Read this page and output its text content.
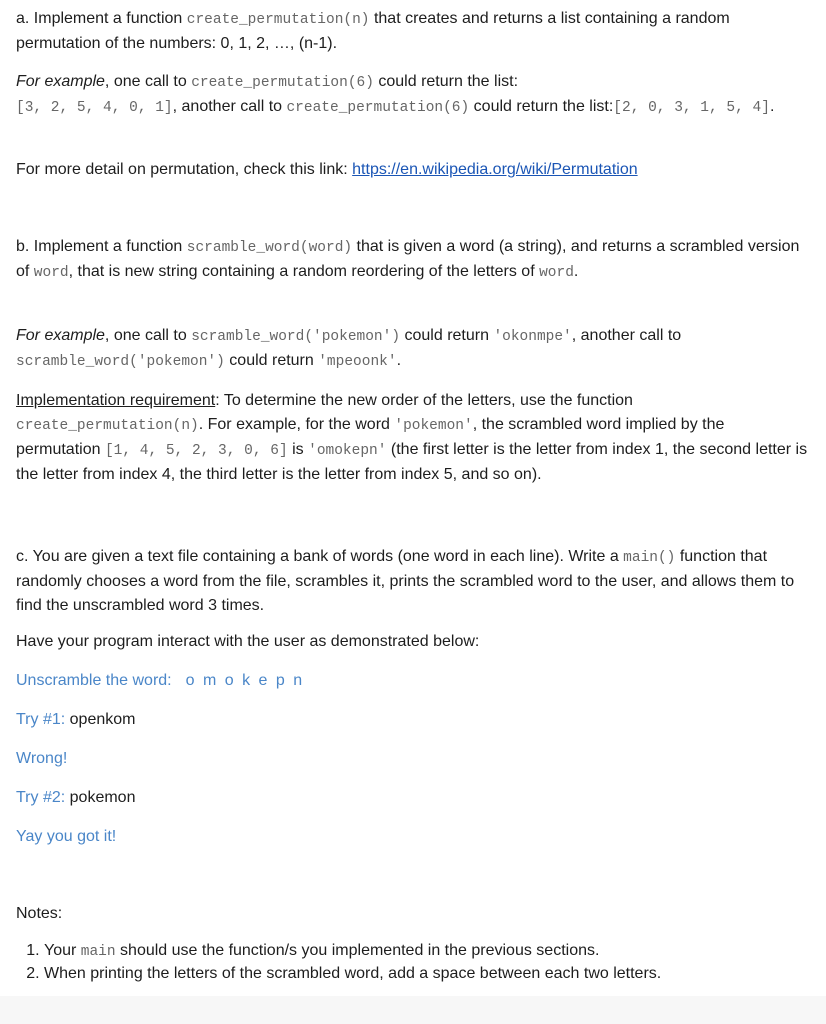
a. Implement a function create_permutation(n) that creates and returns a list containing a random permutation of the numbers: 0, 1, 2, …, (n-1).

For example, one call to create_permutation(6) could return the list:
[3, 2, 5, 4, 0, 1], another call to create_permutation(6) could return the list:[2, 0, 3, 1, 5, 4].

For more detail on permutation, check this link: https://en.wikipedia.org/wiki/Permutation

b. Implement a function scramble_word(word) that is given a word (a string), and returns a scrambled version of word, that is new string containing a random reordering of the letters of word.

For example, one call to scramble_word('pokemon') could return 'okonmpe', another call to scramble_word('pokemon') could return 'mpeoonk'.

Implementation requirement: To determine the new order of the letters, use the function create_permutation(n). For example, for the word 'pokemon', the scrambled word implied by the permutation [1, 4, 5, 2, 3, 0, 6] is 'omokepn' (the first letter is the letter from index 1, the second letter is the letter from index 4, the third letter is the letter from index 5, and so on).

c. You are given a text file containing a bank of words (one word in each line). Write a main() function that randomly chooses a word from the file, scrambles it, prints the scrambled word to the user, and allows them to find the unscrambled word 3 times.

Have your program interact with the user as demonstrated below:

Unscramble the word: o m o k e p n

Try #1: openkom

Wrong!

Try #2: pokemon

Yay you got it!

Notes:

1. Your main should use the function/s you implemented in the previous sections.
2. When printing the letters of the scrambled word, add a space between each two letters.
